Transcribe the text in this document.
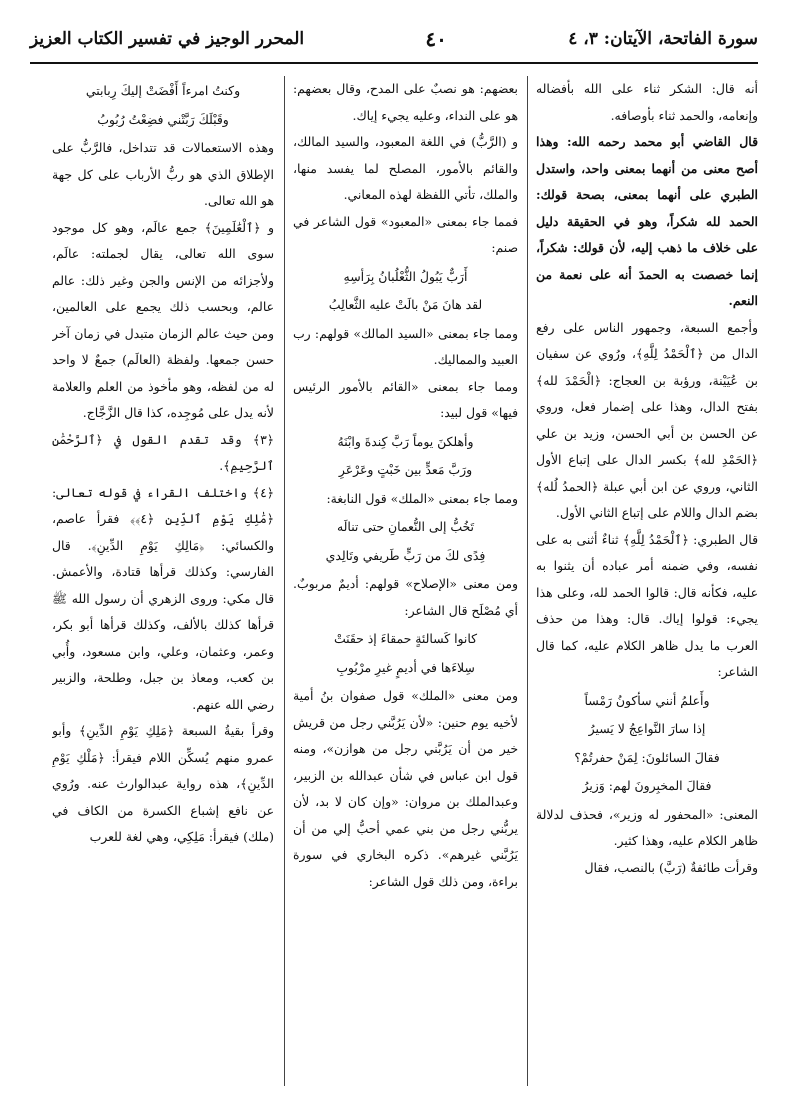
سورة الفاتحة، الآيتان: ٣، ٤
٤٠
المحرر الوجيز في تفسير الكتاب العزيز

أنه قال: الشكر ثناء على الله بأفضاله وإنعامه، والحمد ثناء بأوصافه.

قال القاضي أبو محمد رحمه الله: وهذا أصح معنى من أنهما بمعنى واحد، واستدل الطبري على أنهما بمعنى، بصحة قولك: الحمد لله شكراً، وهو في الحقيقة دليل على خلاف ما ذهب إليه، لأن قولك: شكراً، إنما خصصت به الحمدَ أنه على نعمة من النعم.

وأجمع السبعة، وجمهور الناس على رفع الدال من ﴿ٱلْحَمْدُ لِلَّهِ﴾، ورُوي عن سفيان بن عُيَيْنة، ورؤبة بن العجاج: ﴿الْحَمْدَ لله﴾ بفتح الدال، وهذا على إضمار فعل، وروي عن الحسن بن أبي الحسن، وزيد بن علي ﴿الحَمْدِ لله﴾ بكسر الدال على إتباع الأول الثاني، وروي عن ابن أبي عبلة ﴿الحمدُ لُله﴾ بضم الدال واللام على إتباع الثاني الأول.

قال الطبري: ﴿ٱلْحَمْدُ لِلَّهِ﴾ ثناءٌ أثنى به على نفسه، وفي ضمنه أمر عباده أن يثنوا به عليه، فكأنه قال: قالوا الحمد لله، وعلى هذا يجيء: قولوا إياك. قال: وهذا من حذف العرب ما يدل ظاهر الكلام عليه، كما قال الشاعر:

وأَعلمُ أنني سأكونُ رَمْساً

إذا سارَ النَّواعِجُ لا يَسيرُ

فقالَ السائلونَ: لِمَنْ حفرتُمْ؟

فقالَ المخبِرونَ لهم: وَزيرُ

المعنى: «المحفور له وزير»، فحذف لدلالة ظاهر الكلام عليه، وهذا كثير.

وقرأت طائفةٌ (رَبَّ) بالنصب، فقال

بعضهم: هو نصبٌ على المدح، وقال بعضهم: هو على النداء، وعليه يجيء إياك.

و (الرَّبُّ) في اللغة المعبود، والسيد المالك، والقائم بالأمور، المصلح لما يفسد منها، والملك، تأتي اللفظة لهذه المعاني.

فمما جاء بمعنى «المعبود» قول الشاعر في صنم:

أَرَبٌّ يَبُولُ الثُّعْلُبانُ بِرَأسِهِ

لقد هانَ مَنْ بالَتْ عليه الثَّعالِبُ

ومما جاء بمعنى «السيد المالك» قولهم: رب العبيد والمماليك.

ومما جاء بمعنى «القائم بالأمور الرئيس فيها» قول لبيد:

وأهلكنَ يوماً رَبَّ كِندةَ وابْنَهُ

ورَبَّ مَعدٍّ بين خَبْتٍ وعَرْعَرِ

ومما جاء بمعنى «الملك» قول النابغة:

تَخُبُّ إلى النُّعمانِ حتى تنالَه

فِدًى لكَ من رَبٍّ طَريفي وتَالِدي

ومن معنى «الإصلاح» قولهم: أديمٌ مربوبٌ. أي مُصْلَح قال الشاعر:

كانوا كَسالئةٍ حمقاءَ إذ حقَنَتْ

سِلاءَها في أديمٍ غيرِ مرْبُوبِ

ومن معنى «الملك» قول صفوان بنُ أمية لأخيه يوم حنين: «لأن يَرُبَّني رجل من قريش خير من أن يَرُبَّني رجل من هوازن»، ومنه قول ابن عباس في شأن عبدالله بن الزبير، وعبدالملك بن مروان: «وإن كان لا بد، لأن يربُّني رجل من بني عمي أحبُّ إلي من أن يَرُبَّني غيرهم». ذكره البخاري في سورة براءة، ومن ذلك قول الشاعر:

وكنتُ امرءاً أَفْضَتْ إليكَ رِبابتي

وقَبْلَكَ رَبَّتْني فضِعْتُ رُبُوبُ

وهذه الاستعمالات قد تتداخل، فالرَّبُّ على الإطلاق الذي هو ربُّ الأرباب على كل جهة هو الله تعالى.

و ﴿ٱلْعَٰلَمِينَ﴾ جمع عالَم، وهو كل موجود سوى الله تعالى، يقال لجملته: عالَم، ولأجزائه من الإنس والجن وغير ذلك: عالم عالم، وبحسب ذلك يجمع على العالمين، ومن حيث عالم الزمان متبدل في زمان آخر حسن جمعها. ولفظة (العالَم) جمعٌ لا واحد له من لفظه، وهو مأخوذ من العلم والعلامة لأنه يدل على مُوجِده، كذا قال الزَّجَّاج.

﴿٣﴾ وقد تقدم القول في ﴿ٱلرَّحْمَٰنِ ٱلرَّحِيمِ﴾.

﴿٤﴾ واختلف القراء في قوله تعالى: ﴿مَٰلِكِ يَوْمِ ٱلدِّينِ ﴿٤﴾﴾ فقرأ عاصم، والكسائي: ﴿مَالِكِ يَوْمِ الدِّينِ﴾. قال الفارسي: وكذلك قرأها قتادة، والأعمش. قال مكي: وروى الزهري أن رسول الله ﷺ قرأها كذلك بالألف، وكذلك قرأها أبو بكر، وعمر، وعثمان، وعلي، وابن مسعود، وأُبي بن كعب، ومعاذ بن جبل، وطلحة، والزبير رضي الله عنهم.

وقرأ بقيةُ السبعة ﴿مَلِكِ يَوْمِ الدِّينِ﴾ وأبو عمرو منهم يُسكِّن اللام فيقرأ: ﴿مَلْكِ يَوْمِ الدِّينِ﴾، هذه رواية عبدالوارث عنه. ورُوي عن نافع إشباع الكسرة من الكاف في (ملك) فيقرأ: مَلِكِي، وهي لغة للعرب
